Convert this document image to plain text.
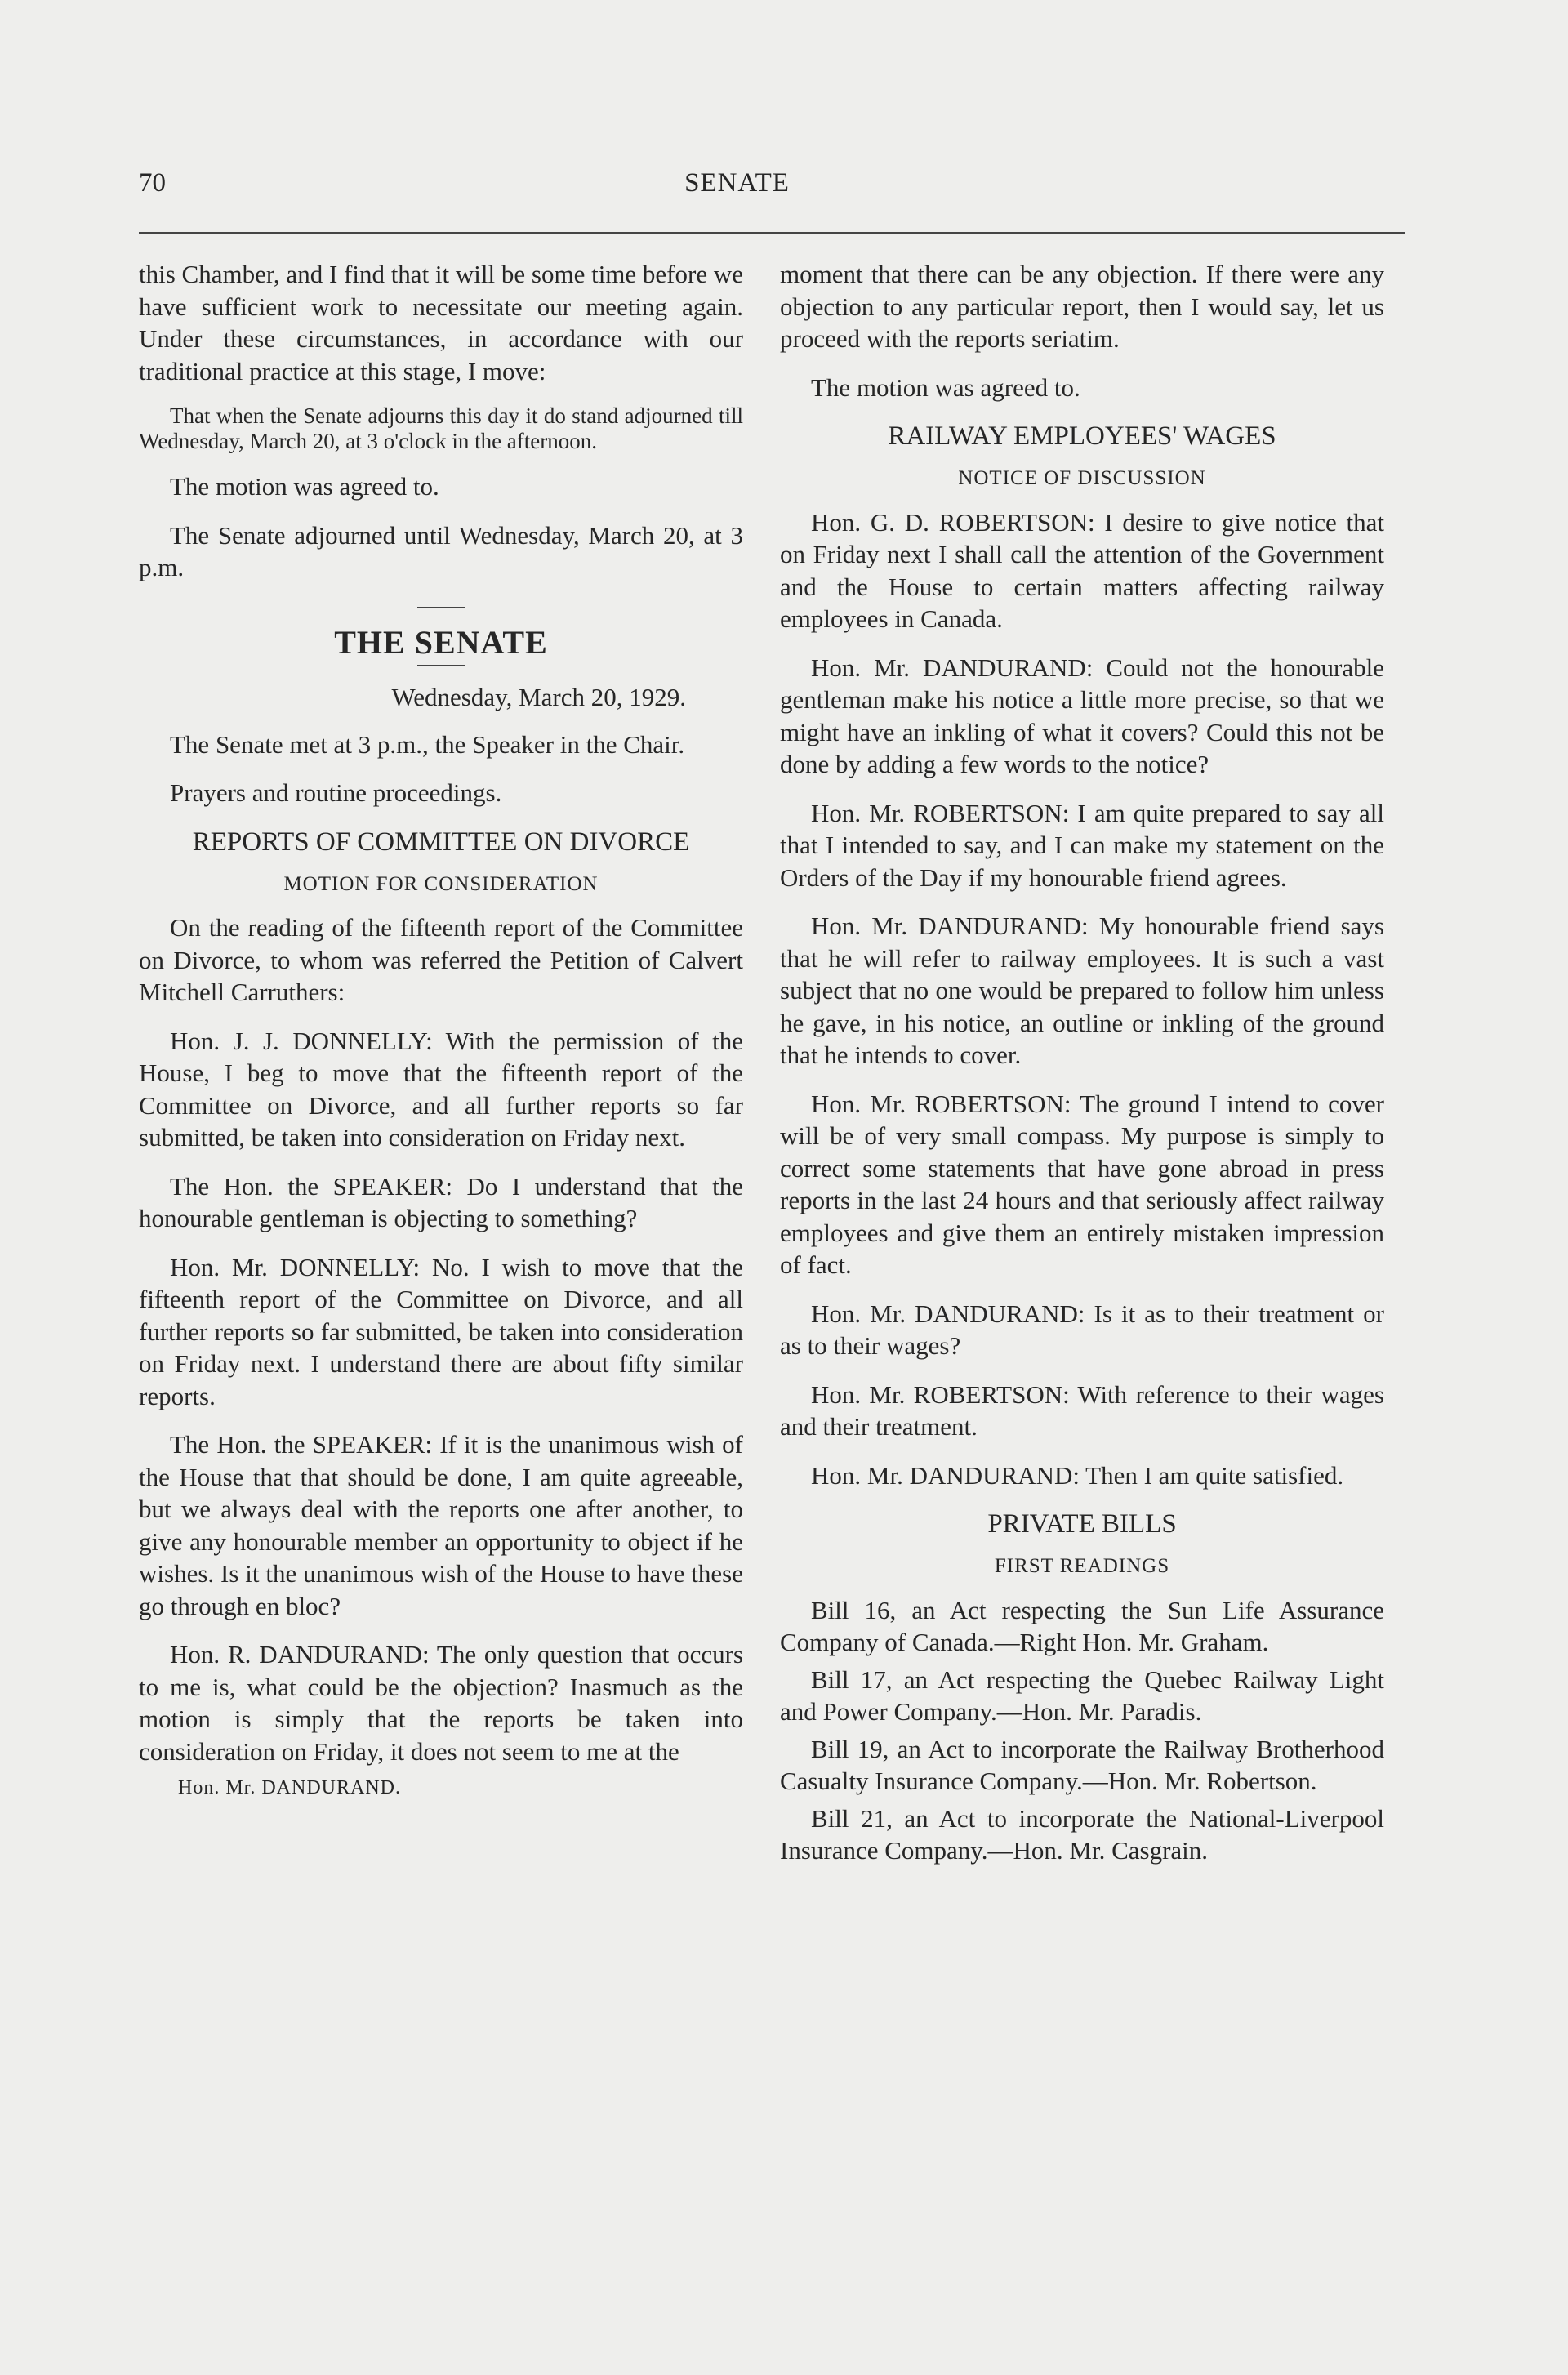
70	SENATE

this Chamber, and I find that it will be some time before we have sufficient work to necessitate our meeting again. Under these circumstances, in accordance with our traditional practice at this stage, I move:

That when the Senate adjourns this day it do stand adjourned till Wednesday, March 20, at 3 o'clock in the afternoon.

The motion was agreed to.

The Senate adjourned until Wednesday, March 20, at 3 p.m.

THE SENATE
Wednesday, March 20, 1929.

The Senate met at 3 p.m., the Speaker in the Chair.

Prayers and routine proceedings.

REPORTS OF COMMITTEE ON DIVORCE
MOTION FOR CONSIDERATION

On the reading of the fifteenth report of the Committee on Divorce, to whom was referred the Petition of Calvert Mitchell Carruthers:

Hon. J. J. DONNELLY: With the permission of the House, I beg to move that the fifteenth report of the Committee on Divorce, and all further reports so far submitted, be taken into consideration on Friday next.

The Hon. the SPEAKER: Do I understand that the honourable gentleman is objecting to something?

Hon. Mr. DONNELLY: No. I wish to move that the fifteenth report of the Committee on Divorce, and all further reports so far submitted, be taken into consideration on Friday next. I understand there are about fifty similar reports.

The Hon. the SPEAKER: If it is the unanimous wish of the House that that should be done, I am quite agreeable, but we always deal with the reports one after another, to give any honourable member an opportunity to object if he wishes. Is it the unanimous wish of the House to have these go through en bloc?

Hon. R. DANDURAND: The only question that occurs to me is, what could be the objection? Inasmuch as the motion is simply that the reports be taken into consideration on Friday, it does not seem to me at the

Hon. Mr. DANDURAND.

moment that there can be any objection. If there were any objection to any particular report, then I would say, let us proceed with the reports seriatim.

The motion was agreed to.

RAILWAY EMPLOYEES' WAGES
NOTICE OF DISCUSSION

Hon. G. D. ROBERTSON: I desire to give notice that on Friday next I shall call the attention of the Government and the House to certain matters affecting railway employees in Canada.

Hon. Mr. DANDURAND: Could not the honourable gentleman make his notice a little more precise, so that we might have an inkling of what it covers? Could this not be done by adding a few words to the notice?

Hon. Mr. ROBERTSON: I am quite prepared to say all that I intended to say, and I can make my statement on the Orders of the Day if my honourable friend agrees.

Hon. Mr. DANDURAND: My honourable friend says that he will refer to railway employees. It is such a vast subject that no one would be prepared to follow him unless he gave, in his notice, an outline or inkling of the ground that he intends to cover.

Hon. Mr. ROBERTSON: The ground I intend to cover will be of very small compass. My purpose is simply to correct some statements that have gone abroad in press reports in the last 24 hours and that seriously affect railway employees and give them an entirely mistaken impression of fact.

Hon. Mr. DANDURAND: Is it as to their treatment or as to their wages?

Hon. Mr. ROBERTSON: With reference to their wages and their treatment.

Hon. Mr. DANDURAND: Then I am quite satisfied.

PRIVATE BILLS
FIRST READINGS

Bill 16, an Act respecting the Sun Life Assurance Company of Canada.—Right Hon. Mr. Graham.

Bill 17, an Act respecting the Quebec Railway Light and Power Company.—Hon. Mr. Paradis.

Bill 19, an Act to incorporate the Railway Brotherhood Casualty Insurance Company.—Hon. Mr. Robertson.

Bill 21, an Act to incorporate the National-Liverpool Insurance Company.—Hon. Mr. Casgrain.
